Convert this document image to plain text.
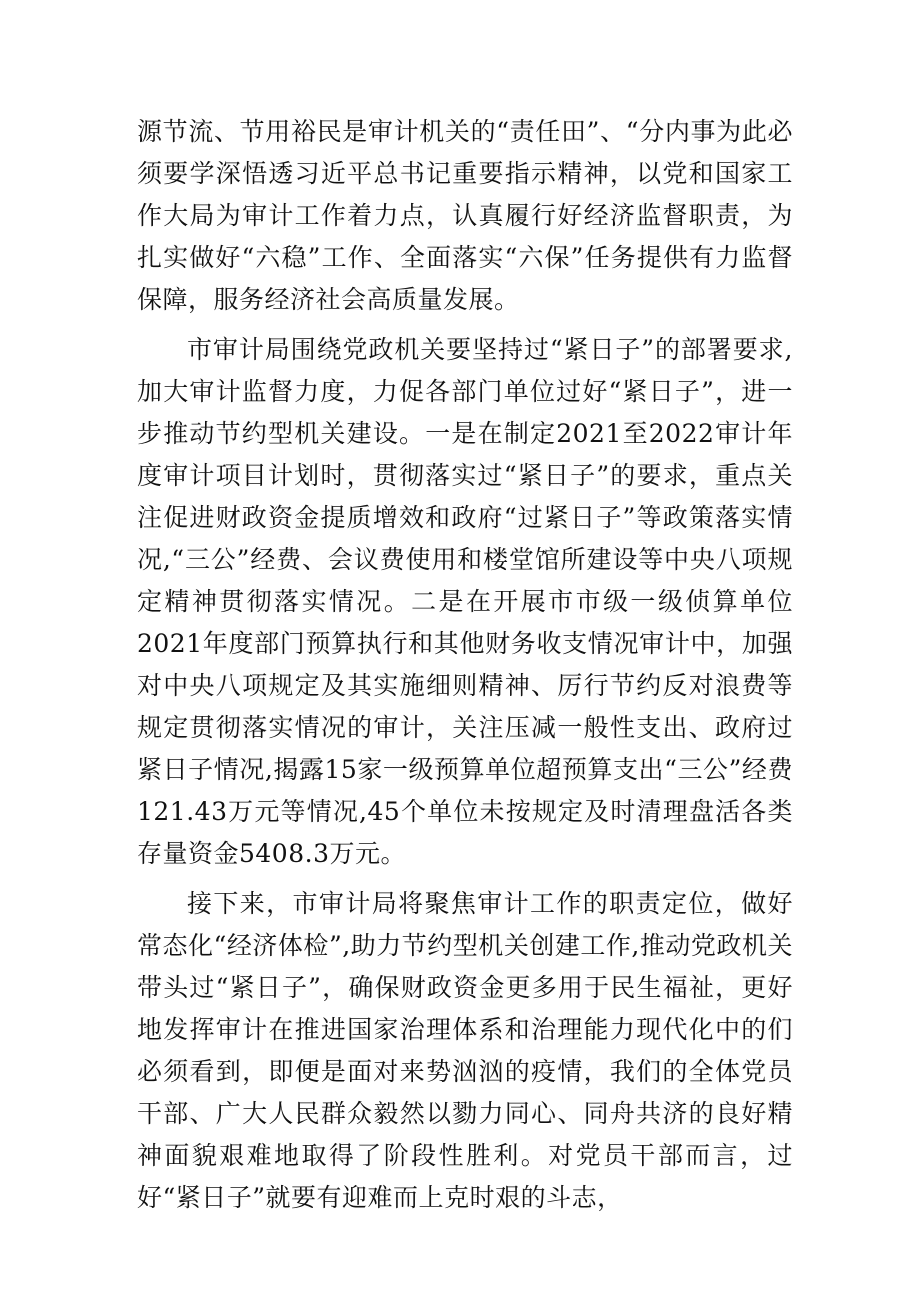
源节流、节用裕民是审计机关的“责任田”、“分内事为此必须要学深悟透习近平总书记重要指示精神，以党和国家工作大局为审计工作着力点，认真履行好经济监督职责，为扎实做好“六稳”工作、全面落实“六保”任务提供有力监督保障，服务经济社会高质量发展。

市审计局围绕党政机关要坚持过“紧日子”的部署要求,加大审计监督力度，力促各部门单位过好“紧日子”，进一步推动节约型机关建设。一是在制定2021至2022审计年度审计项目计划时，贯彻落实过“紧日子”的要求，重点关注促进财政资金提质增效和政府“过紧日子”等政策落实情况,“三公”经费、会议费使用和楼堂馆所建设等中央八项规定精神贯彻落实情况。二是在开展市市级一级侦算单位2021年度部门预算执行和其他财务收支情况审计中，加强对中央八项规定及其实施细则精神、厉行节约反对浪费等规定贯彻落实情况的审计，关注压减一般性支出、政府过紧日子情况,揭露15家一级预算单位超预算支出“三公”经费121.43万元等情况,45个单位未按规定及时清理盘活各类存量资金5408.3万元。

接下来，市审计局将聚焦审计工作的职责定位，做好常态化“经济体检”,助力节约型机关创建工作,推动党政机关带头过“紧日子”，确保财政资金更多用于民生福祉，更好地发挥审计在推进国家治理体系和治理能力现代化中的们必须看到，即便是面对来势汹汹的疫情，我们的全体党员干部、广大人民群众毅然以勠力同心、同舟共济的良好精神面貌艰难地取得了阶段性胜利。对党员干部而言，过好“紧日子”就要有迎难而上克时艰的斗志，
